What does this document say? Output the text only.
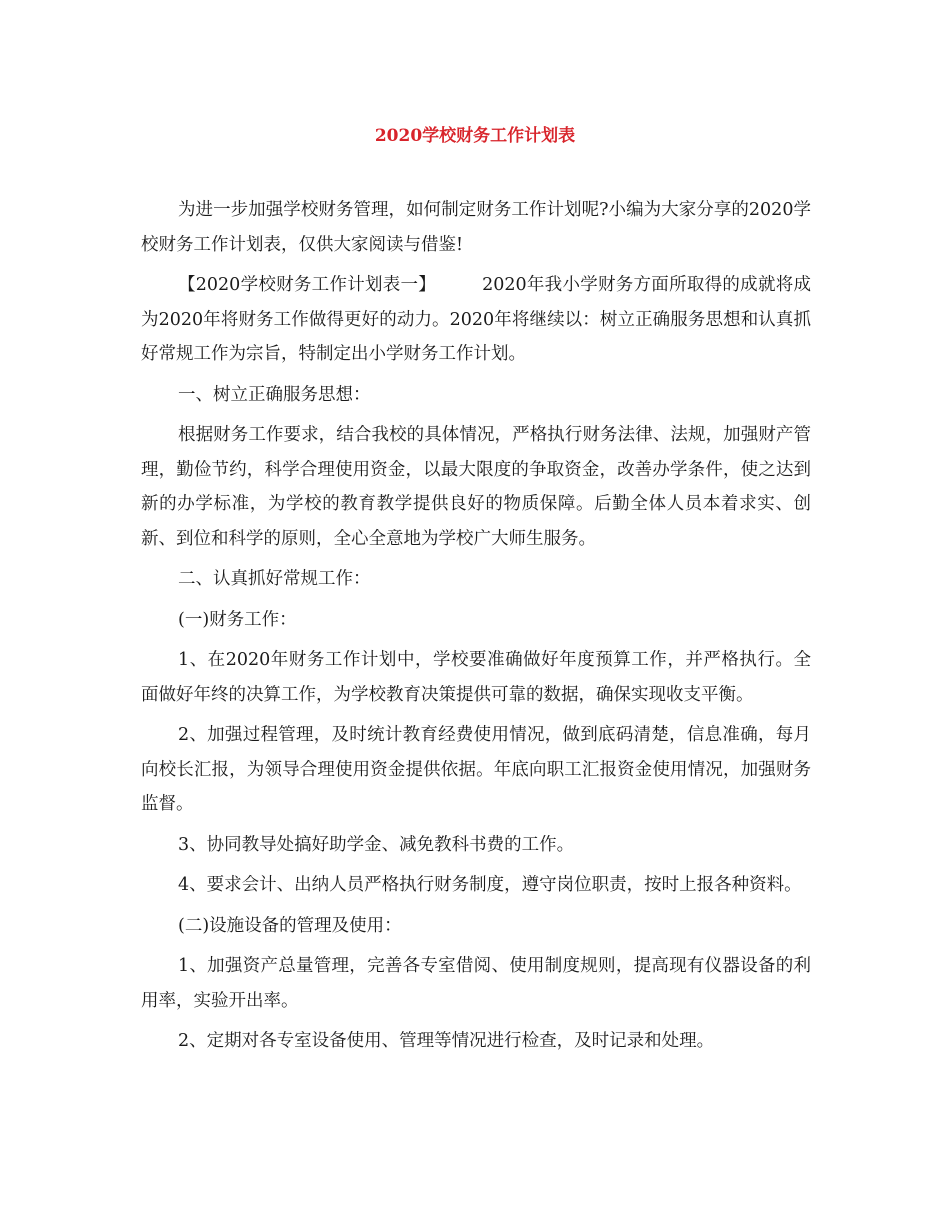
2020学校财务工作计划表

为进一步加强学校财务管理，如何制定财务工作计划呢?小编为大家分享的2020学校财务工作计划表，仅供大家阅读与借鉴!

【2020学校财务工作计划表一】	2020年我小学财务方面所取得的成就将成为2020年将财务工作做得更好的动力。2020年将继续以：树立正确服务思想和认真抓好常规工作为宗旨，特制定出小学财务工作计划。

一、树立正确服务思想：

根据财务工作要求，结合我校的具体情况，严格执行财务法律、法规，加强财产管理，勤俭节约，科学合理使用资金，以最大限度的争取资金，改善办学条件，使之达到新的办学标准，为学校的教育教学提供良好的物质保障。后勤全体人员本着求实、创新、到位和科学的原则，全心全意地为学校广大师生服务。

二、认真抓好常规工作：

(一)财务工作：

1、在2020年财务工作计划中，学校要准确做好年度预算工作，并严格执行。全面做好年终的决算工作，为学校教育决策提供可靠的数据，确保实现收支平衡。

2、加强过程管理，及时统计教育经费使用情况，做到底码清楚，信息准确，每月向校长汇报，为领导合理使用资金提供依据。年底向职工汇报资金使用情况，加强财务监督。

3、协同教导处搞好助学金、减免教科书费的工作。

4、要求会计、出纳人员严格执行财务制度，遵守岗位职责，按时上报各种资料。

(二)设施设备的管理及使用：

1、加强资产总量管理，完善各专室借阅、使用制度规则，提高现有仪器设备的利用率，实验开出率。

2、定期对各专室设备使用、管理等情况进行检查，及时记录和处理。
